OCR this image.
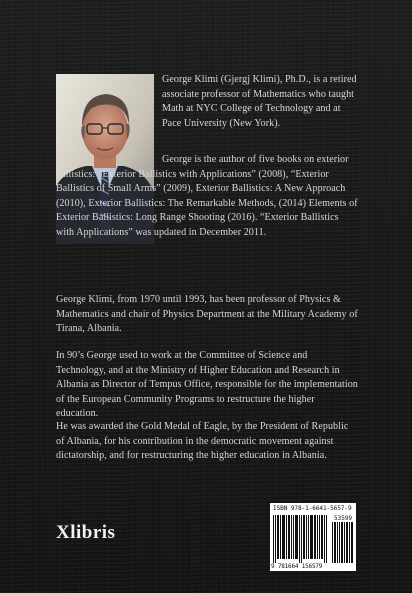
George Klimi (Gjergj Klimi), Ph.D., is a retired associate professor of Mathematics who taught Math at NYC College of Technology and at Pace University (New York).

George is the author of five books on exterior ballistics: “Exterior Ballistics with Applications” (2008), “Exterior Ballistics of Small Arms” (2009), Exterior Ballistics: A New Approach (2010), Exterior Ballistics: The Remarkable Methods, (2014) Elements of Exterior Ballistics: Long Range Shooting (2016). “Exterior Ballistics with Applications” was updated in December 2011.

George Klimi, from 1970 until 1993, has been professor of Physics & Mathematics and chair of Physics Department at the Military Academy of Tirana, Albania.

In 90’s George used to work at the Committee of Science and Technology, and at the Ministry of Higher Education and Research in Albania as Director of Tempus Office, responsible for the implementation of the European Community Programs to restructure the higher education.

He was awarded the Gold Medal of Eagle, by the President of Republic of Albania, for his contribution in the democratic movement against dictatorship, and for restructuring the higher education in Albania.

Xlibris
ISBN 978-1-6641-5657-9
53599
9 781664 156579
